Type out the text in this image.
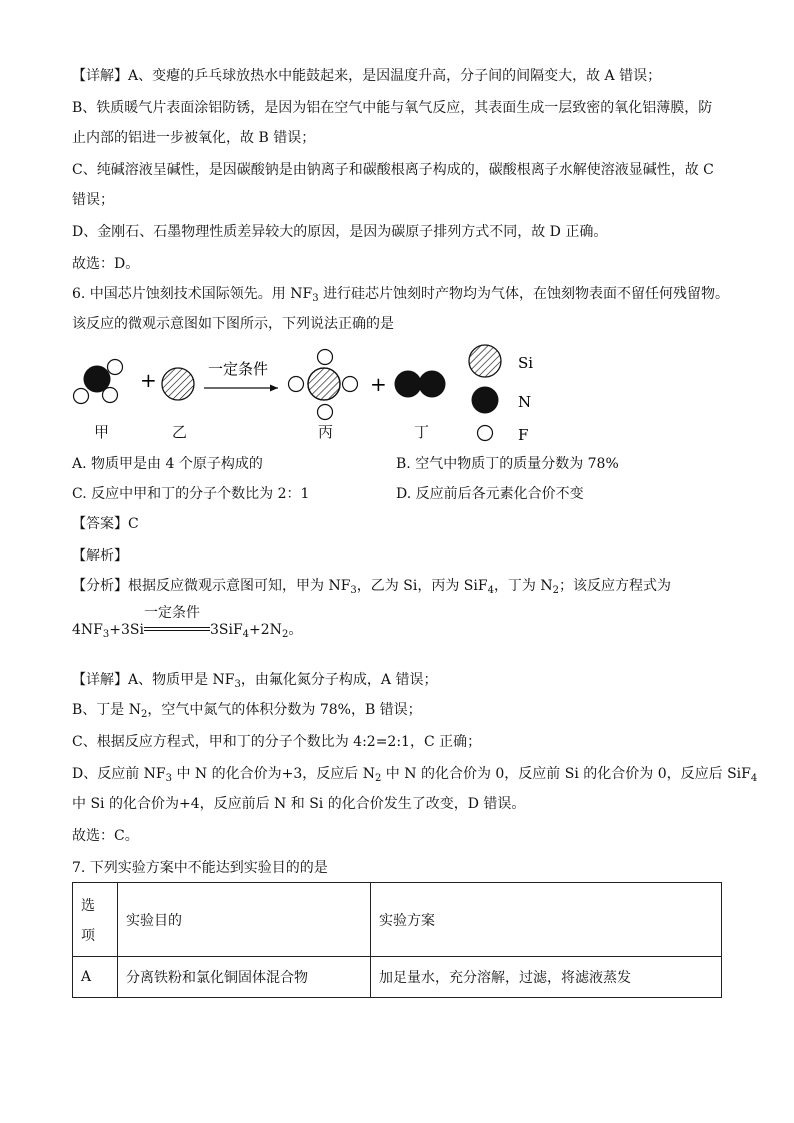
【详解】A、变瘪的乒乓球放热水中能鼓起来，是因温度升高，分子间的间隔变大，故 A 错误；
B、铁质暖气片表面涂铝防锈，是因为铝在空气中能与氧气反应，其表面生成一层致密的氧化铝薄膜，防
止内部的铝进一步被氧化，故 B 错误；
C、纯碱溶液呈碱性，是因碳酸钠是由钠离子和碳酸根离子构成的，碳酸根离子水解使溶液显碱性，故 C
错误；
D、金刚石、石墨物理性质差异较大的原因，是因为碳原子排列方式不同，故 D 正确。
故选：D。
6. 中国芯片蚀刻技术国际领先。用 $NF_3$ 进行硅芯片蚀刻时产物均为气体，在蚀刻物表面不留任何残留物。
该反应的微观示意图如下图所示，下列说法正确的是
+	一定条件
+
Si
N
F
甲	乙	丙	丁
A. 物质甲是由 4 个原子构成的	B. 空气中物质丁的质量分数为 78%
C. 反应中甲和丁的分子个数比为 2：1	D. 反应前后各元素化合价不变
【答案】C
【解析】
【分析】根据反应微观示意图可知，甲为 $NF_3$，乙为 Si，丙为 SiF$_4$，丁为 $N_2$；该反应方程式为
$4NF_3+3Si$
一定条件
$3SiF_4+2N_2$。
【详解】A、物质甲是 $NF_3$，由氟化氮分子构成，A 错误；
B、丁是 $N_2$，空气中氮气的体积分数为 78%，B 错误；
C、根据反应方程式，甲和丁的分子个数比为 4:2=2:1，C 正确；
D、反应前 $NF_3$ 中 N 的化合价为+3，反应后 $N_2$ 中 N 的化合价为 0，反应前 Si 的化合价为 0，反应后 SiF$_4$
中 Si 的化合价为+4，反应前后 N 和 Si 的化合价发生了改变，D 错误。
故选：C。
7. 下列实验方案中不能达到实验目的的是
选
项	实验目的	实验方案
A	分离铁粉和氯化铜固体混合物	加足量水，充分溶解，过滤，将滤液蒸发
